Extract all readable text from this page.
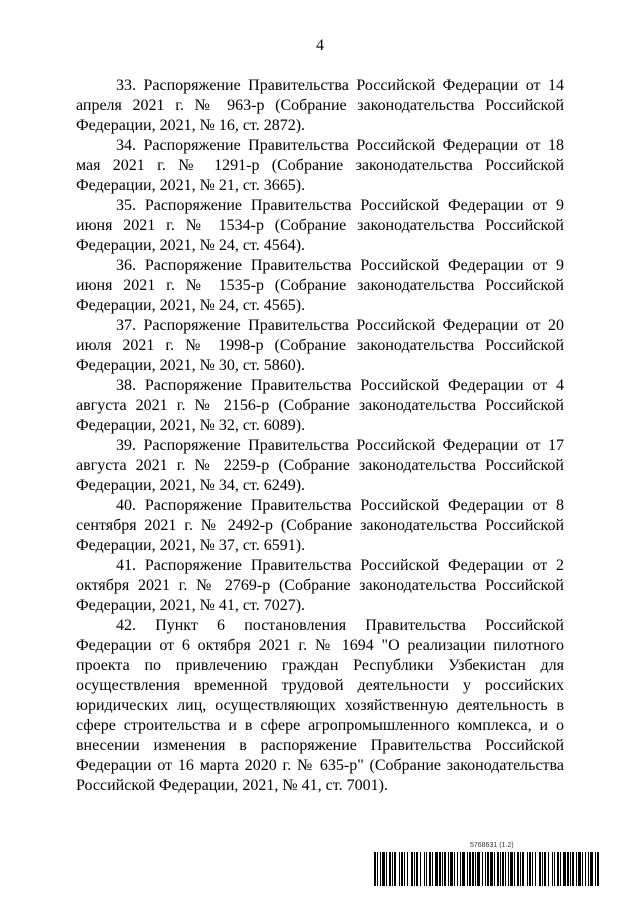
4

33. Распоряжение Правительства Российской Федерации от 14 апреля 2021 г. № 963-р (Собрание законодательства Российской Федерации, 2021, № 16, ст. 2872).

34. Распоряжение Правительства Российской Федерации от 18 мая 2021 г. № 1291-р (Собрание законодательства Российской Федерации, 2021, № 21, ст. 3665).

35. Распоряжение Правительства Российской Федерации от 9 июня 2021 г. № 1534-р (Собрание законодательства Российской Федерации, 2021, № 24, ст. 4564).

36. Распоряжение Правительства Российской Федерации от 9 июня 2021 г. № 1535-р (Собрание законодательства Российской Федерации, 2021, № 24, ст. 4565).

37. Распоряжение Правительства Российской Федерации от 20 июля 2021 г. № 1998-р (Собрание законодательства Российской Федерации, 2021, № 30, ст. 5860).

38. Распоряжение Правительства Российской Федерации от 4 августа 2021 г. № 2156-р (Собрание законодательства Российской Федерации, 2021, № 32, ст. 6089).

39. Распоряжение Правительства Российской Федерации от 17 августа 2021 г. № 2259-р (Собрание законодательства Российской Федерации, 2021, № 34, ст. 6249).

40. Распоряжение Правительства Российской Федерации от 8 сентября 2021 г. № 2492-р (Собрание законодательства Российской Федерации, 2021, № 37, ст. 6591).

41. Распоряжение Правительства Российской Федерации от 2 октября 2021 г. № 2769-р (Собрание законодательства Российской Федерации, 2021, № 41, ст. 7027).

42. Пункт 6 постановления Правительства Российской Федерации от 6 октября 2021 г. № 1694 "О реализации пилотного проекта по привлечению граждан Республики Узбекистан для осуществления временной трудовой деятельности у российских юридических лиц, осуществляющих хозяйственную деятельность в сфере строительства и в сфере агропромышленного комплекса, и о внесении изменения в распоряжение Правительства Российской Федерации от 16 марта 2020 г. № 635-р" (Собрание законодательства Российской Федерации, 2021, № 41, ст. 7001).

5768631 (1.2)
